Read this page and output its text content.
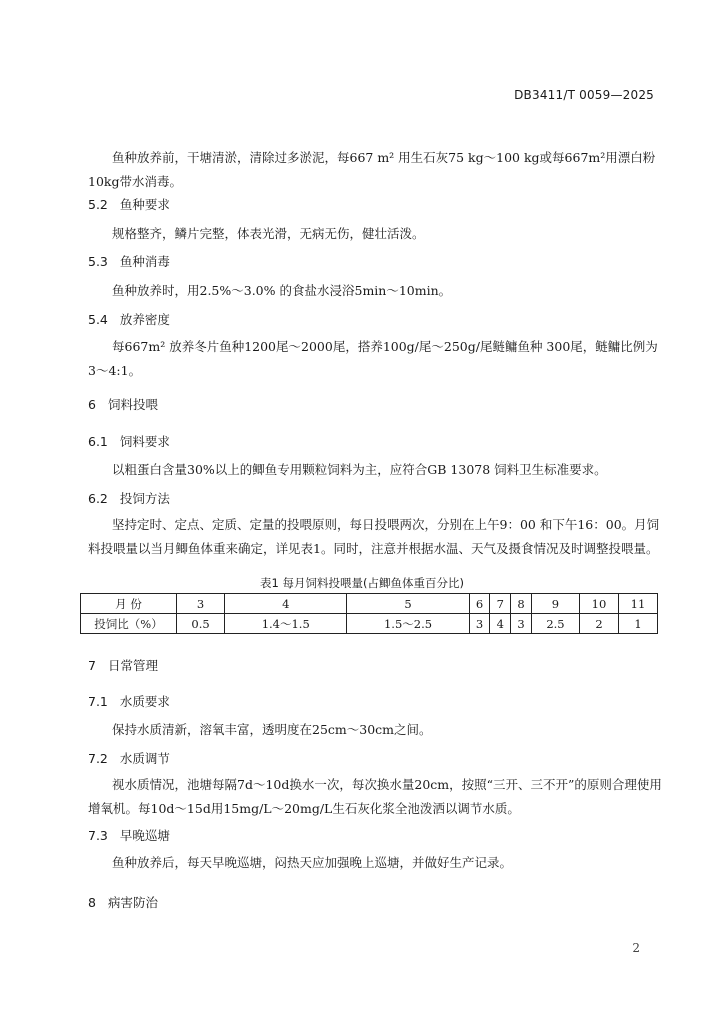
DB3411/T 0059—2025

鱼种放养前，干塘清淤，清除过多淤泥，每667 m² 用生石灰75 kg～100 kg或每667m²用漂白粉10kg带水消毒。

5.2 鱼种要求

规格整齐，鳞片完整，体表光滑，无病无伤，健壮活泼。

5.3 鱼种消毒

鱼种放养时，用2.5%～3.0% 的食盐水浸浴5min～10min。

5.4 放养密度

每667m² 放养冬片鱼种1200尾～2000尾，搭养100g/尾～250g/尾鲢鳙鱼种 300尾，鲢鳙比例为3～4:1。

6 饲料投喂
6.1 饲料要求

以粗蛋白含量30%以上的鲫鱼专用颗粒饲料为主，应符合GB 13078 饲料卫生标准要求。

6.2 投饲方法

坚持定时、定点、定质、定量的投喂原则，每日投喂两次，分别在上午9：00 和下午16：00。月饲料投喂量以当月鲫鱼体重来确定，详见表1。同时，注意并根据水温、天气及摄食情况及时调整投喂量。

表1 每月饲料投喂量(占鲫鱼体重百分比)
月 份	3	4	5	6	7	8	9	10	11
投饲比（%）	0.5	1.4～1.5	1.5～2.5	3	4	3	2.5	2	1
7 日常管理
7.1 水质要求

保持水质清新，溶氧丰富，透明度在25cm～30cm之间。

7.2 水质调节

视水质情况，池塘每隔7d～10d换水一次，每次换水量20cm，按照“三开、三不开”的原则合理使用增氧机。每10d～15d用15mg/L～20mg/L生石灰化浆全池泼洒以调节水质。

7.3 早晚巡塘

鱼种放养后，每天早晚巡塘，闷热天应加强晚上巡塘，并做好生产记录。

8 病害防治
2
